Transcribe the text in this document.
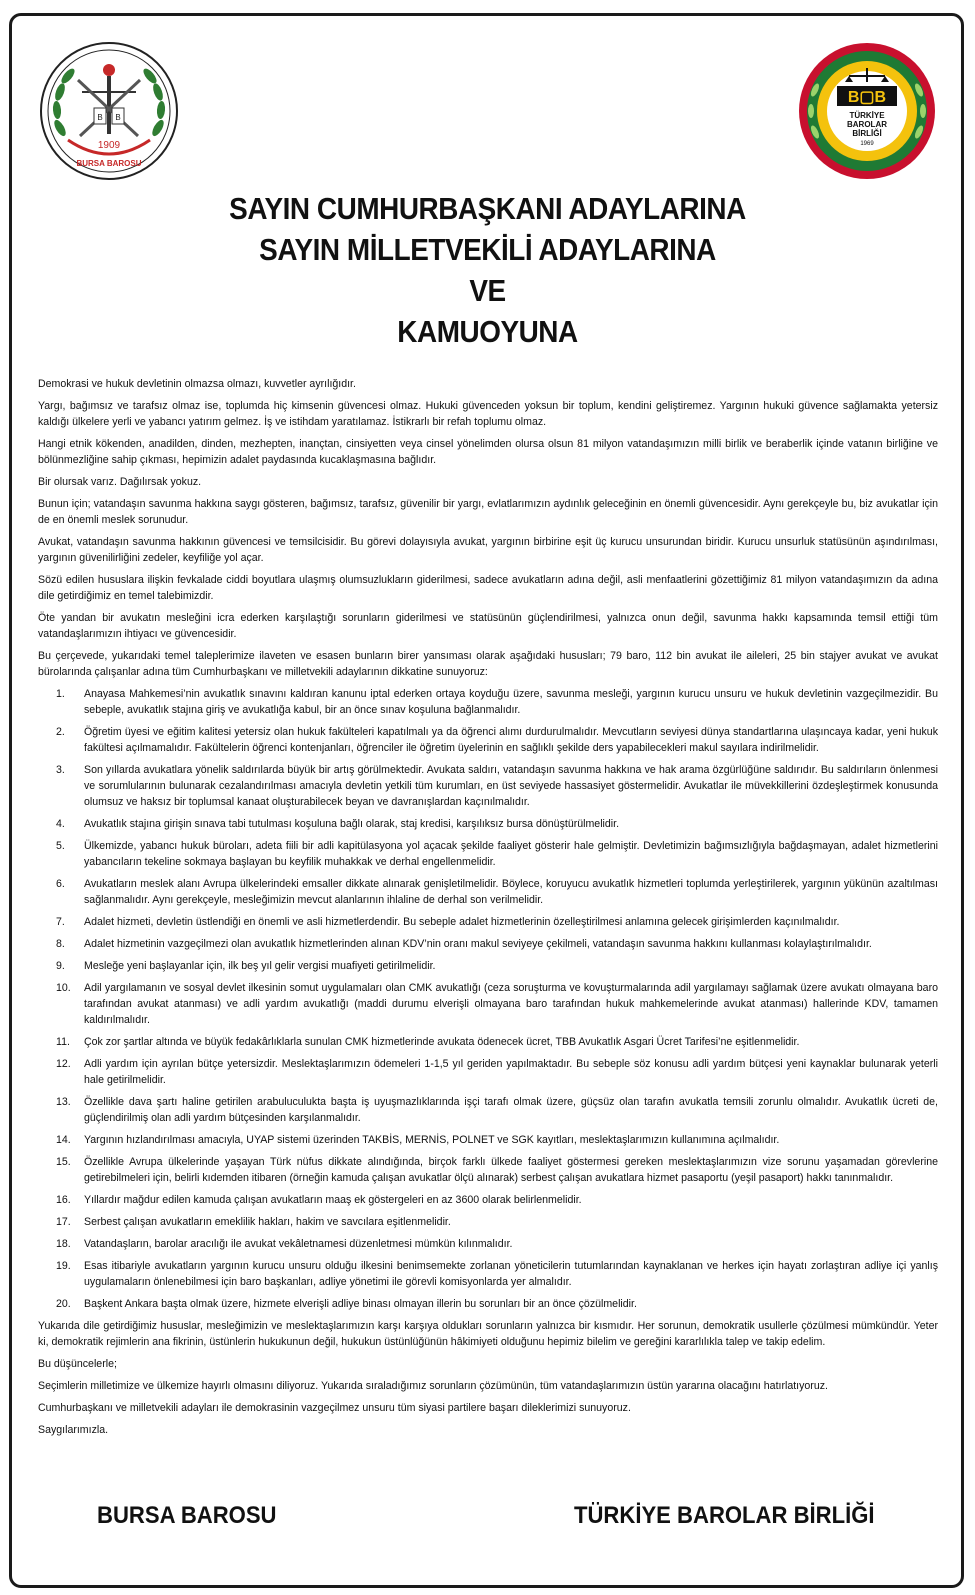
B B
1909
BURSA BAROSU
B▢B
TÜRKİYE
BAROLAR
BİRLİĞİ
1969
SAYIN CUMHURBAŞKANI ADAYLARINA
SAYIN MİLLETVEKİLİ ADAYLARINA
VE
KAMUOYUNA

Demokrasi ve hukuk devletinin olmazsa olmazı, kuvvetler ayrılığıdır.

Yargı, bağımsız ve tarafsız olmaz ise, toplumda hiç kimsenin güvencesi olmaz. Hukuki güvenceden yoksun bir toplum, kendini geliştiremez. Yargının hukuki güvence sağlamakta yetersiz kaldığı ülkelere yerli ve yabancı yatırım gelmez. İş ve istihdam yaratılamaz. İstikrarlı bir refah toplumu olmaz.

Hangi etnik kökenden, anadilden, dinden, mezhepten, inançtan, cinsiyetten veya cinsel yönelimden olursa olsun 81 milyon vatandaşımızın milli birlik ve beraberlik içinde vatanın birliğine ve bölünmezliğine sahip çıkması, hepimizin adalet paydasında kucaklaşmasına bağlıdır.

Bir olursak varız. Dağılırsak yokuz.

Bunun için; vatandaşın savunma hakkına saygı gösteren, bağımsız, tarafsız, güvenilir bir yargı, evlatlarımızın aydınlık geleceğinin en önemli güvencesidir. Aynı gerekçeyle bu, biz avukatlar için de en önemli meslek sorunudur.

Avukat, vatandaşın savunma hakkının güvencesi ve temsilcisidir. Bu görevi dolayısıyla avukat, yargının birbirine eşit üç kurucu unsurundan biridir. Kurucu unsurluk statüsünün aşındırılması, yargının güvenilirliğini zedeler, keyfiliğe yol açar.

Sözü edilen hususlara ilişkin fevkalade ciddi boyutlara ulaşmış olumsuzlukların giderilmesi, sadece avukatların adına değil, asli menfaatlerini gözettiğimiz 81 milyon vatandaşımızın da adına dile getirdiğimiz en temel talebimizdir.

Öte yandan bir avukatın mesleğini icra ederken karşılaştığı sorunların giderilmesi ve statüsünün güçlendirilmesi, yalnızca onun değil, savunma hakkı kapsamında temsil ettiği tüm vatandaşlarımızın ihtiyacı ve güvencesidir.

Bu çerçevede, yukarıdaki temel taleplerimize ilaveten ve esasen bunların birer yansıması olarak aşağıdaki hususları; 79 baro, 112 bin avukat ile aileleri, 25 bin stajyer avukat ve avukat bürolarında çalışanlar adına tüm Cumhurbaşkanı ve milletvekili adaylarının dikkatine sunuyoruz:

1.	Anayasa Mahkemesi’nin avukatlık sınavını kaldıran kanunu iptal ederken ortaya koyduğu üzere, savunma mesleği, yargının kurucu unsuru ve hukuk devletinin vazgeçilmezidir. Bu sebeple, avukatlık stajına giriş ve avukatlığa kabul, bir an önce sınav koşuluna bağlanmalıdır.
2.	Öğretim üyesi ve eğitim kalitesi yetersiz olan hukuk fakülteleri kapatılmalı ya da öğrenci alımı durdurulmalıdır. Mevcutların seviyesi dünya standartlarına ulaşıncaya kadar, yeni hukuk fakültesi açılmamalıdır. Fakültelerin öğrenci kontenjanları, öğrenciler ile öğretim üyelerinin en sağlıklı şekilde ders yapabilecekleri makul sayılara indirilmelidir.
3.	Son yıllarda avukatlara yönelik saldırılarda büyük bir artış görülmektedir. Avukata saldırı, vatandaşın savunma hakkına ve hak arama özgürlüğüne saldırıdır. Bu saldırıların önlenmesi ve sorumlularının bulunarak cezalandırılması amacıyla devletin yetkili tüm kurumları, en üst seviyede hassasiyet göstermelidir. Avukatlar ile müvekkillerini özdeşleştirmek konusunda olumsuz ve haksız bir toplumsal kanaat oluşturabilecek beyan ve davranışlardan kaçınılmalıdır.
4.	Avukatlık stajına girişin sınava tabi tutulması koşuluna bağlı olarak, staj kredisi, karşılıksız bursa dönüştürülmelidir.
5.	Ülkemizde, yabancı hukuk büroları, adeta fiili bir adli kapitülasyona yol açacak şekilde faaliyet gösterir hale gelmiştir. Devletimizin bağımsızlığıyla bağdaşmayan, adalet hizmetlerini yabancıların tekeline sokmaya başlayan bu keyfilik muhakkak ve derhal engellenmelidir.
6.	Avukatların meslek alanı Avrupa ülkelerindeki emsaller dikkate alınarak genişletilmelidir. Böylece, koruyucu avukatlık hizmetleri toplumda yerleştirilerek, yargının yükünün azaltılması sağlanmalıdır. Aynı gerekçeyle, mesleğimizin mevcut alanlarının ihlaline de derhal son verilmelidir.
7.	Adalet hizmeti, devletin üstlendiği en önemli ve asli hizmetlerdendir. Bu sebeple adalet hizmetlerinin özelleştirilmesi anlamına gelecek girişimlerden kaçınılmalıdır.
8.	Adalet hizmetinin vazgeçilmezi olan avukatlık hizmetlerinden alınan KDV’nin oranı makul seviyeye çekilmeli, vatandaşın savunma hakkını kullanması kolaylaştırılmalıdır.
9.	Mesleğe yeni başlayanlar için, ilk beş yıl gelir vergisi muafiyeti getirilmelidir.
10.	Adil yargılamanın ve sosyal devlet ilkesinin somut uygulamaları olan CMK avukatlığı (ceza soruşturma ve kovuşturmalarında adil yargılamayı sağlamak üzere avukatı olmayana baro tarafından avukat atanması) ve adli yardım avukatlığı (maddi durumu elverişli olmayana baro tarafından hukuk mahkemelerinde avukat atanması) hallerinde KDV, tamamen kaldırılmalıdır.
11.	Çok zor şartlar altında ve büyük fedakârlıklarla sunulan CMK hizmetlerinde avukata ödenecek ücret, TBB Avukatlık Asgari Ücret Tarifesi’ne eşitlenmelidir.
12.	Adli yardım için ayrılan bütçe yetersizdir. Meslektaşlarımızın ödemeleri 1-1,5 yıl geriden yapılmaktadır. Bu sebeple söz konusu adli yardım bütçesi yeni kaynaklar bulunarak yeterli hale getirilmelidir.
13.	Özellikle dava şartı haline getirilen arabuluculukta başta iş uyuşmazlıklarında işçi tarafı olmak üzere, güçsüz olan tarafın avukatla temsili zorunlu olmalıdır. Avukatlık ücreti de, güçlendirilmiş olan adli yardım bütçesinden karşılanmalıdır.
14.	Yargının hızlandırılması amacıyla, UYAP sistemi üzerinden TAKBİS, MERNİS, POLNET ve SGK kayıtları, meslektaşlarımızın kullanımına açılmalıdır.
15.	Özellikle Avrupa ülkelerinde yaşayan Türk nüfus dikkate alındığında, birçok farklı ülkede faaliyet göstermesi gereken meslektaşlarımızın vize sorunu yaşamadan görevlerine getirebilmeleri için, belirli kıdemden itibaren (örneğin kamuda çalışan avukatlar ölçü alınarak) serbest çalışan avukatlara hizmet pasaportu (yeşil pasaport) hakkı tanınmalıdır.
16.	Yıllardır mağdur edilen kamuda çalışan avukatların maaş ek göstergeleri en az 3600 olarak belirlenmelidir.
17.	Serbest çalışan avukatların emeklilik hakları, hakim ve savcılara eşitlenmelidir.
18.	Vatandaşların, barolar aracılığı ile avukat vekâletnamesi düzenletmesi mümkün kılınmalıdır.
19.	Esas itibariyle avukatların yargının kurucu unsuru olduğu ilkesini benimsemekte zorlanan yöneticilerin tutumlarından kaynaklanan ve herkes için hayatı zorlaştıran adliye içi yanlış uygulamaların önlenebilmesi için baro başkanları, adliye yönetimi ile görevli komisyonlarda yer almalıdır.
20.	Başkent Ankara başta olmak üzere, hizmete elverişli adliye binası olmayan illerin bu sorunları bir an önce çözülmelidir.

Yukarıda dile getirdiğimiz hususlar, mesleğimizin ve meslektaşlarımızın karşı karşıya oldukları sorunların yalnızca bir kısmıdır. Her sorunun, demokratik usullerle çözülmesi mümkündür. Yeter ki, demokratik rejimlerin ana fikrinin, üstünlerin hukukunun değil, hukukun üstünlüğünün hâkimiyeti olduğunu hepimiz bilelim ve gereğini kararlılıkla talep ve takip edelim.

Bu düşüncelerle;

Seçimlerin milletimize ve ülkemize hayırlı olmasını diliyoruz. Yukarıda sıraladığımız sorunların çözümünün, tüm vatandaşlarımızın üstün yararına olacağını hatırlatıyoruz.

Cumhurbaşkanı ve milletvekili adayları ile demokrasinin vazgeçilmez unsuru tüm siyasi partilere başarı dileklerimizi sunuyoruz.

Saygılarımızla.

BURSA BAROSU	TÜRKİYE BAROLAR BİRLİĞİ
